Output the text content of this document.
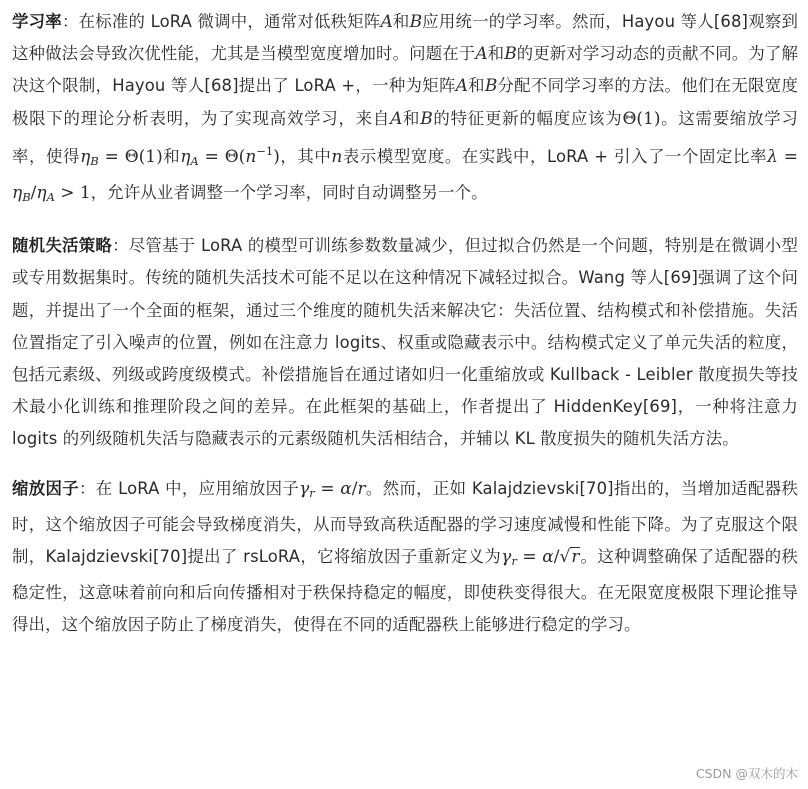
学习率：在标准的 LoRA 微调中，通常对低秩矩阵A和B应用统一的学习率。然而，Hayou 等人[68]观察到这种做法会导致次优性能，尤其是当模型宽度增加时。问题在于A和B的更新对学习动态的贡献不同。为了解决这个限制，Hayou 等人[68]提出了 LoRA +，一种为矩阵A和B分配不同学习率的方法。他们在无限宽度极限下的理论分析表明，为了实现高效学习，来自A和B的特征更新的幅度应该为Θ(1)。这需要缩放学习率，使得$\eta_B = \Theta(1)$和$\eta_A = \Theta(n^{-1})$，其中n表示模型宽度。在实践中，LoRA + 引入了一个固定比率$\lambda = \eta_B/\eta_A > 1$，允许从业者调整一个学习率，同时自动调整另一个。

随机失活策略：尽管基于 LoRA 的模型可训练参数数量减少，但过拟合仍然是一个问题，特别是在微调小型或专用数据集时。传统的随机失活技术可能不足以在这种情况下减轻过拟合。Wang 等人[69]强调了这个问题，并提出了一个全面的框架，通过三个维度的随机失活来解决它：失活位置、结构模式和补偿措施。失活位置指定了引入噪声的位置，例如在注意力 logits、权重或隐藏表示中。结构模式定义了单元失活的粒度，包括元素级、列级或跨度级模式。补偿措施旨在通过诸如归一化重缩放或 Kullback - Leibler 散度损失等技术最小化训练和推理阶段之间的差异。在此框架的基础上，作者提出了 HiddenKey[69]，一种将注意力 logits 的列级随机失活与隐藏表示的元素级随机失活相结合，并辅以 KL 散度损失的随机失活方法。

缩放因子：在 LoRA 中，应用缩放因子$\gamma_r = \alpha/r$。然而，正如 Kalajdzievski[70]指出的，当增加适配器秩时，这个缩放因子可能会导致梯度消失，从而导致高秩适配器的学习速度减慢和性能下降。为了克服这个限制，Kalajdzievski[70]提出了 rsLoRA，它将缩放因子重新定义为$\gamma_r = \alpha/√r$。这种调整确保了适配器的秩稳定性，这意味着前向和后向传播相对于秩保持稳定的幅度，即使秩变得很大。在无限宽度极限下理论推导得出，这个缩放因子防止了梯度消失，使得在不同的适配器秩上能够进行稳定的学习。

CSDN @双木的木
